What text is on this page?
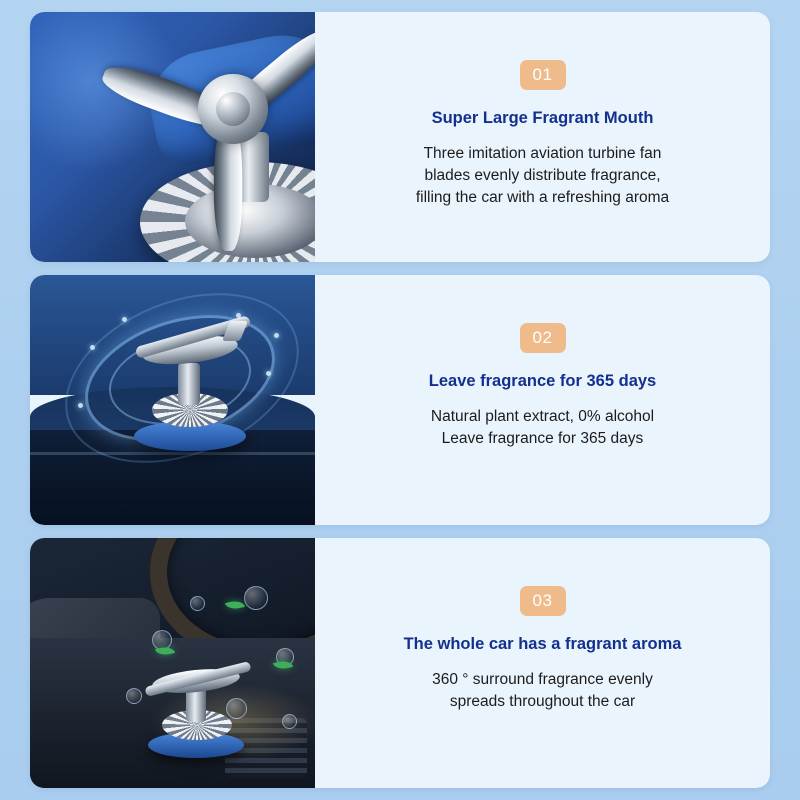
01
Super Large Fragrant Mouth
Three imitation aviation turbine fan blades evenly distribute fragrance, filling the car with a refreshing aroma
02
Leave fragrance for 365 days
Natural plant extract, 0% alcohol
Leave fragrance for 365 days
03
The whole car has a fragrant aroma
360 ° surround fragrance evenly spreads throughout the car
